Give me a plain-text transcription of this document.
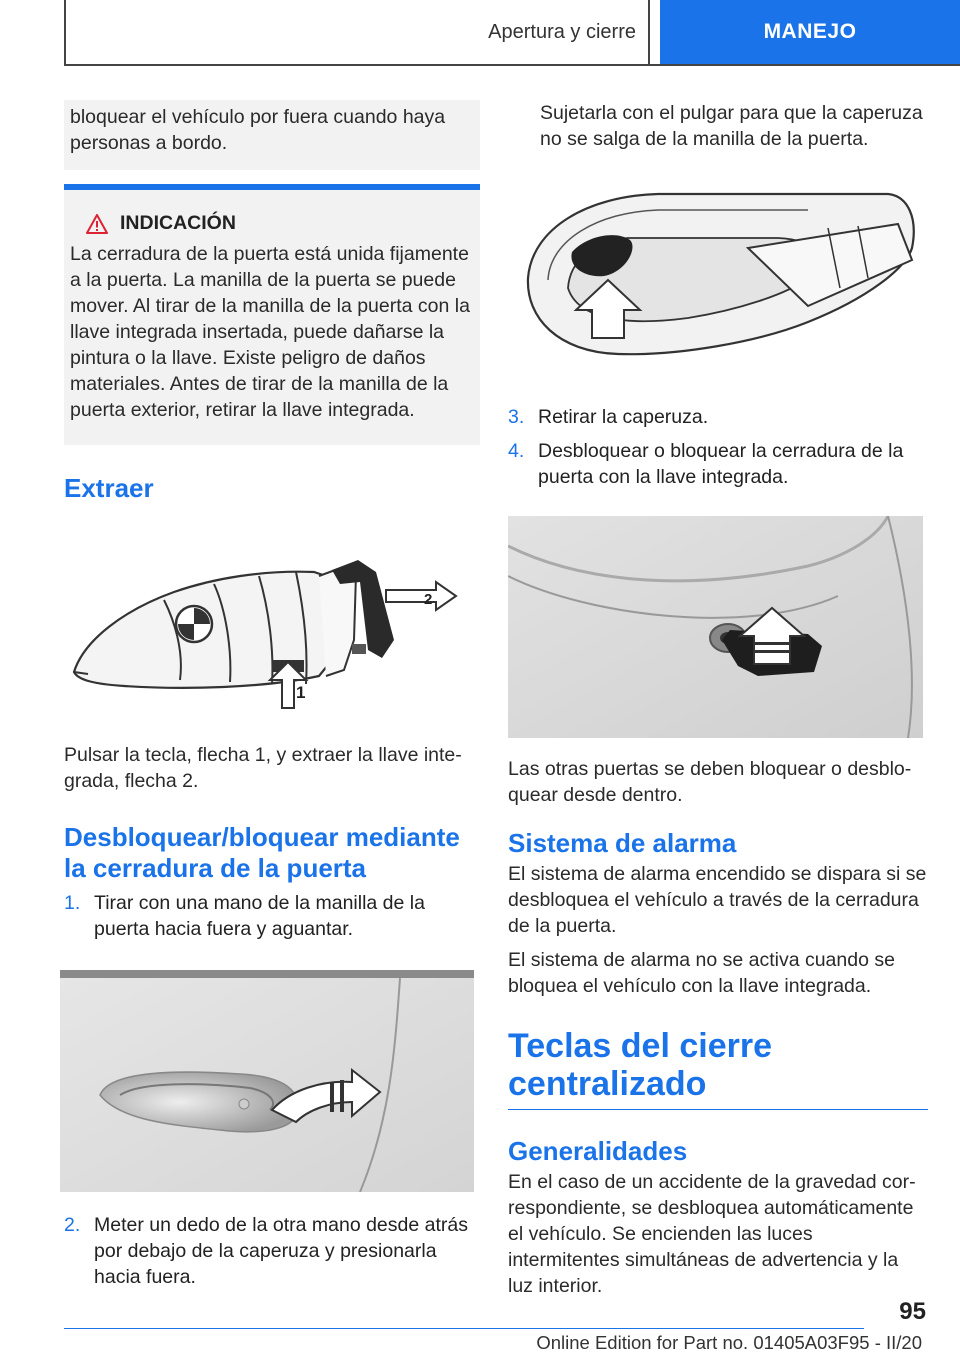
Apertura y cierre	MANEJO
bloquear el vehículo por fuera cuando haya personas a bordo.
INDICACIÓN
La cerradura de la puerta está unida fijamente a la puerta. La manilla de la puerta se puede mover. Al tirar de la manilla de la puerta con la llave integrada insertada, puede dañarse la pintura o la llave. Existe peligro de daños materiales. Antes de tirar de la manilla de la puerta exterior, retirar la llave integrada.
Extraer
2
1
Pulsar la tecla, flecha 1, y extraer la llave integrada, flecha 2.
Desbloquear/bloquear mediante la cerradura de la puerta
1. Tirar con una mano de la manilla de la puerta hacia fuera y aguantar.
2. Meter un dedo de la otra mano desde atrás por debajo de la caperuza y presionarla hacia fuera.
Sujetarla con el pulgar para que la caperuza no se salga de la manilla de la puerta.
3. Retirar la caperuza.
4. Desbloquear o bloquear la cerradura de la puerta con la llave integrada.
Las otras puertas se deben bloquear o desbloquear desde dentro.
Sistema de alarma
El sistema de alarma encendido se dispara si se desbloquea el vehículo a través de la cerradura de la puerta.
El sistema de alarma no se activa cuando se bloquea el vehículo con la llave integrada.
Teclas del cierre centralizado
Generalidades
En el caso de un accidente de la gravedad correspondiente, se desbloquea automáticamente el vehículo. Se encienden las luces intermitentes simultáneas de advertencia y la luz interior.
95
Online Edition for Part no. 01405A03F95 - II/20
